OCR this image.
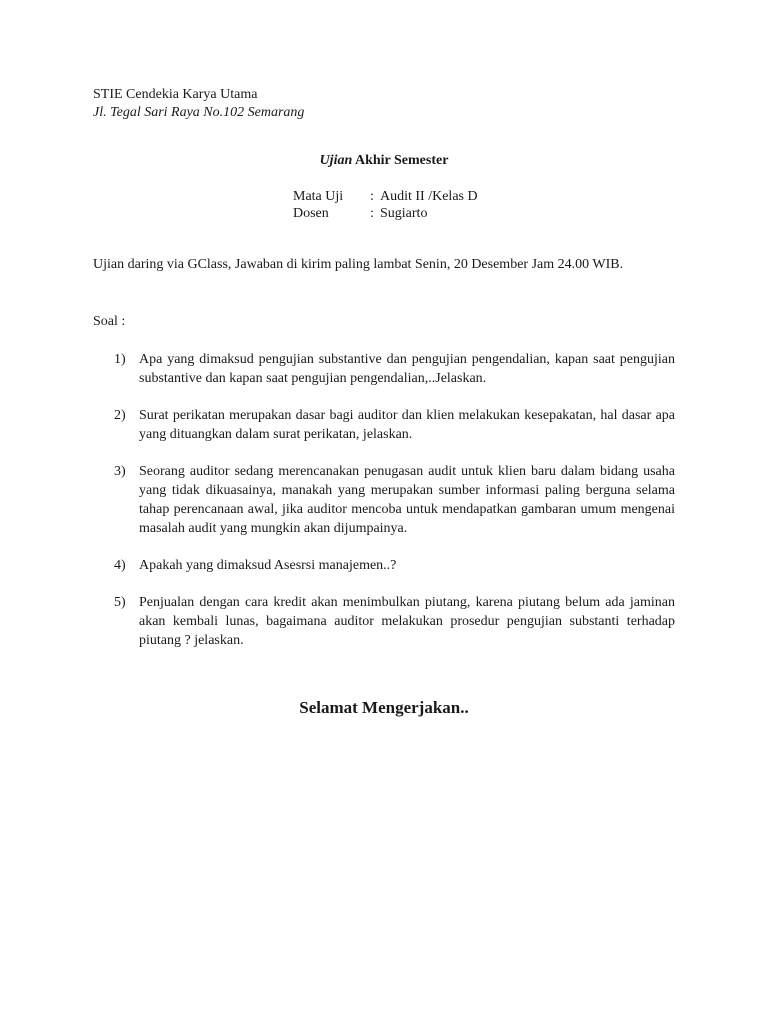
STIE Cendekia Karya Utama
Jl. Tegal Sari Raya No.102 Semarang
Ujian Akhir Semester
Mata Uji	: Audit II /Kelas D
Dosen	: Sugiarto
Ujian daring via GClass, Jawaban di kirim paling lambat Senin, 20 Desember Jam 24.00 WIB.
Soal :
1) Apa yang dimaksud pengujian substantive dan pengujian pengendalian, kapan saat pengujian substantive dan kapan saat pengujian pengendalian,..Jelaskan.
2) Surat perikatan merupakan dasar bagi auditor dan klien melakukan kesepakatan, hal dasar apa yang dituangkan dalam surat perikatan, jelaskan.
3) Seorang auditor sedang merencanakan penugasan audit untuk klien baru dalam bidang usaha yang tidak dikuasainya, manakah yang merupakan sumber informasi paling berguna selama tahap perencanaan awal, jika auditor mencoba untuk mendapatkan gambaran umum mengenai masalah audit yang mungkin akan dijumpainya.
4) Apakah yang dimaksud Asesrsi manajemen..?
5) Penjualan dengan cara kredit akan menimbulkan piutang, karena piutang belum ada jaminan akan kembali lunas, bagaimana auditor melakukan prosedur pengujian substanti terhadap piutang ? jelaskan.
Selamat Mengerjakan..
